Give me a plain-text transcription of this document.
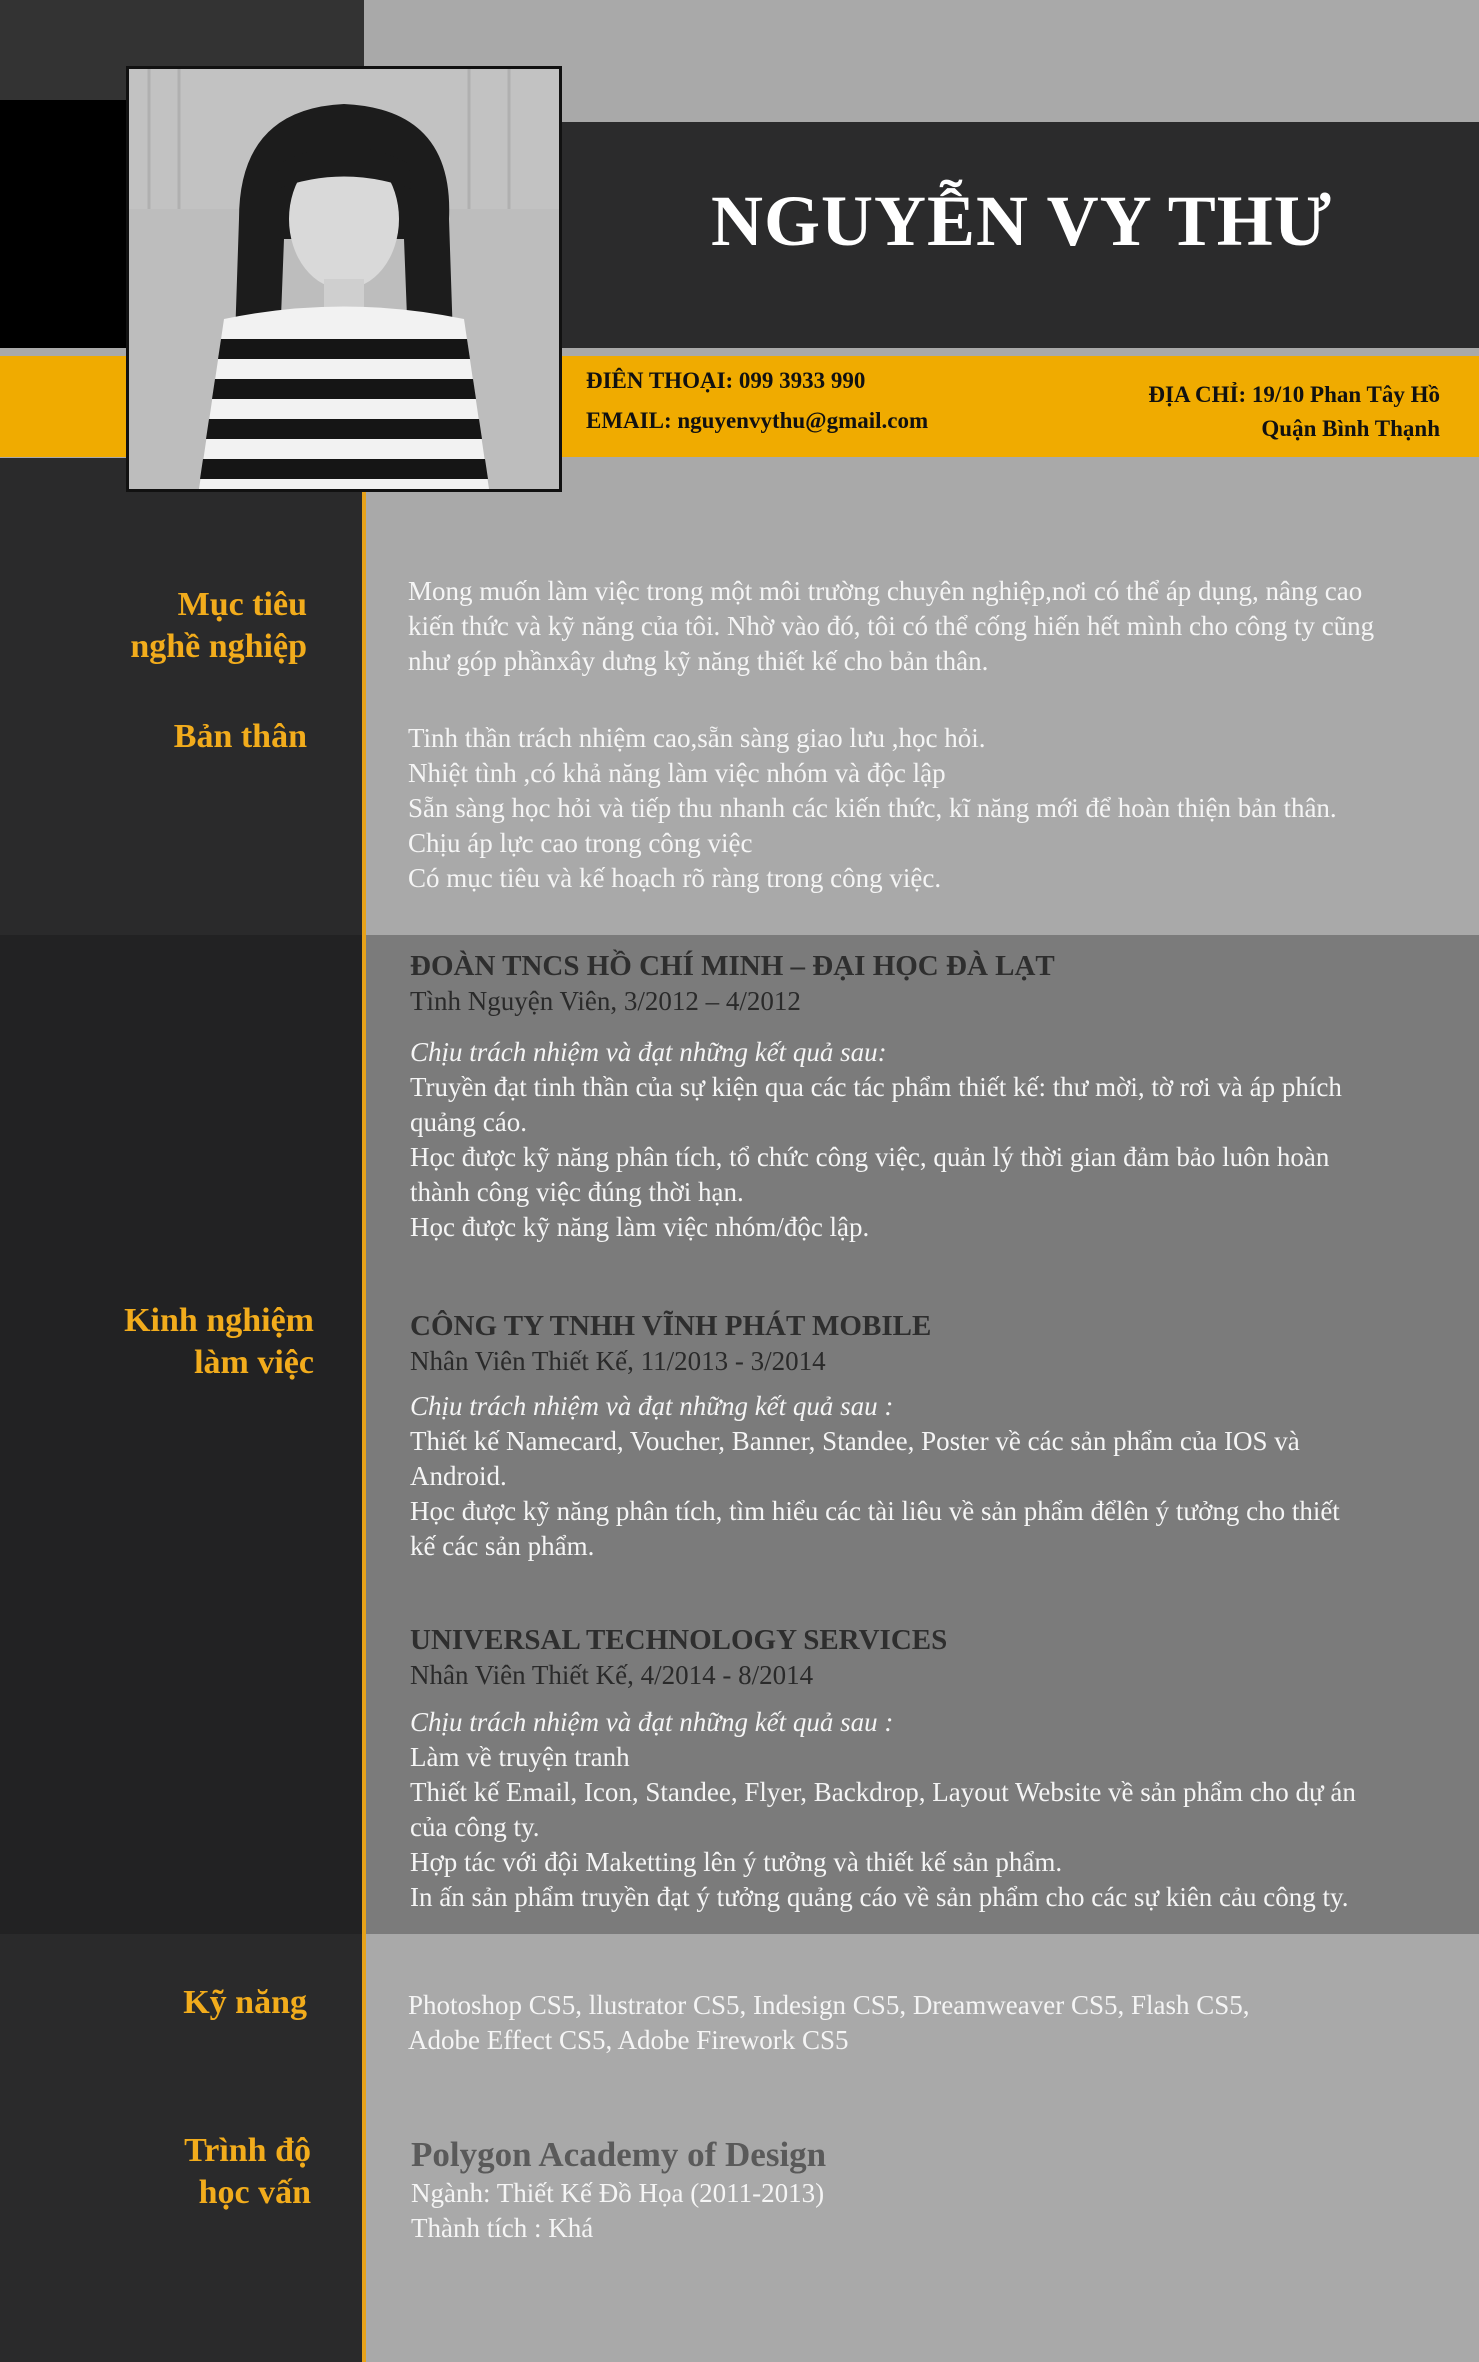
NGUYỄN VY THƯ
ĐIÊN THOẠI: 099 3933 990
EMAIL: nguyenvythu@gmail.com
ĐỊA CHỈ: 19/10 Phan Tây Hồ
Quận Bình Thạnh
Mục tiêu
nghề nghiệp
Mong muốn làm việc trong một môi trường chuyên nghiệp,nơi có thể áp dụng, nâng cao
kiến thức và kỹ năng của tôi. Nhờ vào đó, tôi có thể cống hiến hết mình cho công ty cũng
như góp phầnxây dưng kỹ năng thiết kế cho bản thân.
Bản thân	Tinh thần trách nhiệm cao,sẵn sàng giao lưu ,học hỏi.
Nhiệt tình ,có khả năng làm việc nhóm và độc lập
Sẵn sàng học hỏi và tiếp thu nhanh các kiến thức, kĩ năng mới để hoàn thiện bản thân.
Chịu áp lực cao trong công việc
Có mục tiêu và kế hoạch rõ ràng trong công việc.
Kinh nghiệm
làm việc
ĐOÀN TNCS HỒ CHÍ MINH – ĐẠI HỌC ĐÀ LẠT
Tình Nguyện Viên, 3/2012 – 4/2012
Chịu trách nhiệm và đạt những kết quả sau:
Truyền đạt tinh thần của sự kiện qua các tác phẩm thiết kế: thư mời, tờ rơi và áp phích
quảng cáo.
Học được kỹ năng phân tích, tổ chức công việc, quản lý thời gian đảm bảo luôn hoàn
thành công việc đúng thời hạn.
Học được kỹ năng làm việc nhóm/độc lập.
CÔNG TY TNHH VĨNH PHÁT MOBILE
Nhân Viên Thiết Kế, 11/2013 - 3/2014
Chịu trách nhiệm và đạt những kết quả sau :
Thiết kế Namecard, Voucher, Banner, Standee, Poster về các sản phẩm của IOS và
Android.
Học được kỹ năng phân tích, tìm hiểu các tài liêu về sản phẩm đểlên ý tưởng cho thiết
kế các sản phẩm.
UNIVERSAL TECHNOLOGY SERVICES
Nhân Viên Thiết Kế, 4/2014 - 8/2014
Chịu trách nhiệm và đạt những kết quả sau :
Làm về truyện tranh
Thiết kế Email, Icon, Standee, Flyer, Backdrop, Layout Website về sản phẩm cho dự án
của công ty.
Hợp tác với đội Maketting lên ý tưởng và thiết kế sản phẩm.
In ấn sản phẩm truyền đạt ý tưởng quảng cáo về sản phẩm cho các sự kiên cảu công ty.
Kỹ năng	Photoshop CS5, llustrator CS5, Indesign CS5, Dreamweaver CS5, Flash CS5,
Adobe Effect CS5, Adobe Firework CS5
Trình độ
học vấn
Polygon Academy of Design
Ngành: Thiết Kế Đồ Họa (2011-2013)
Thành tích : Khá
